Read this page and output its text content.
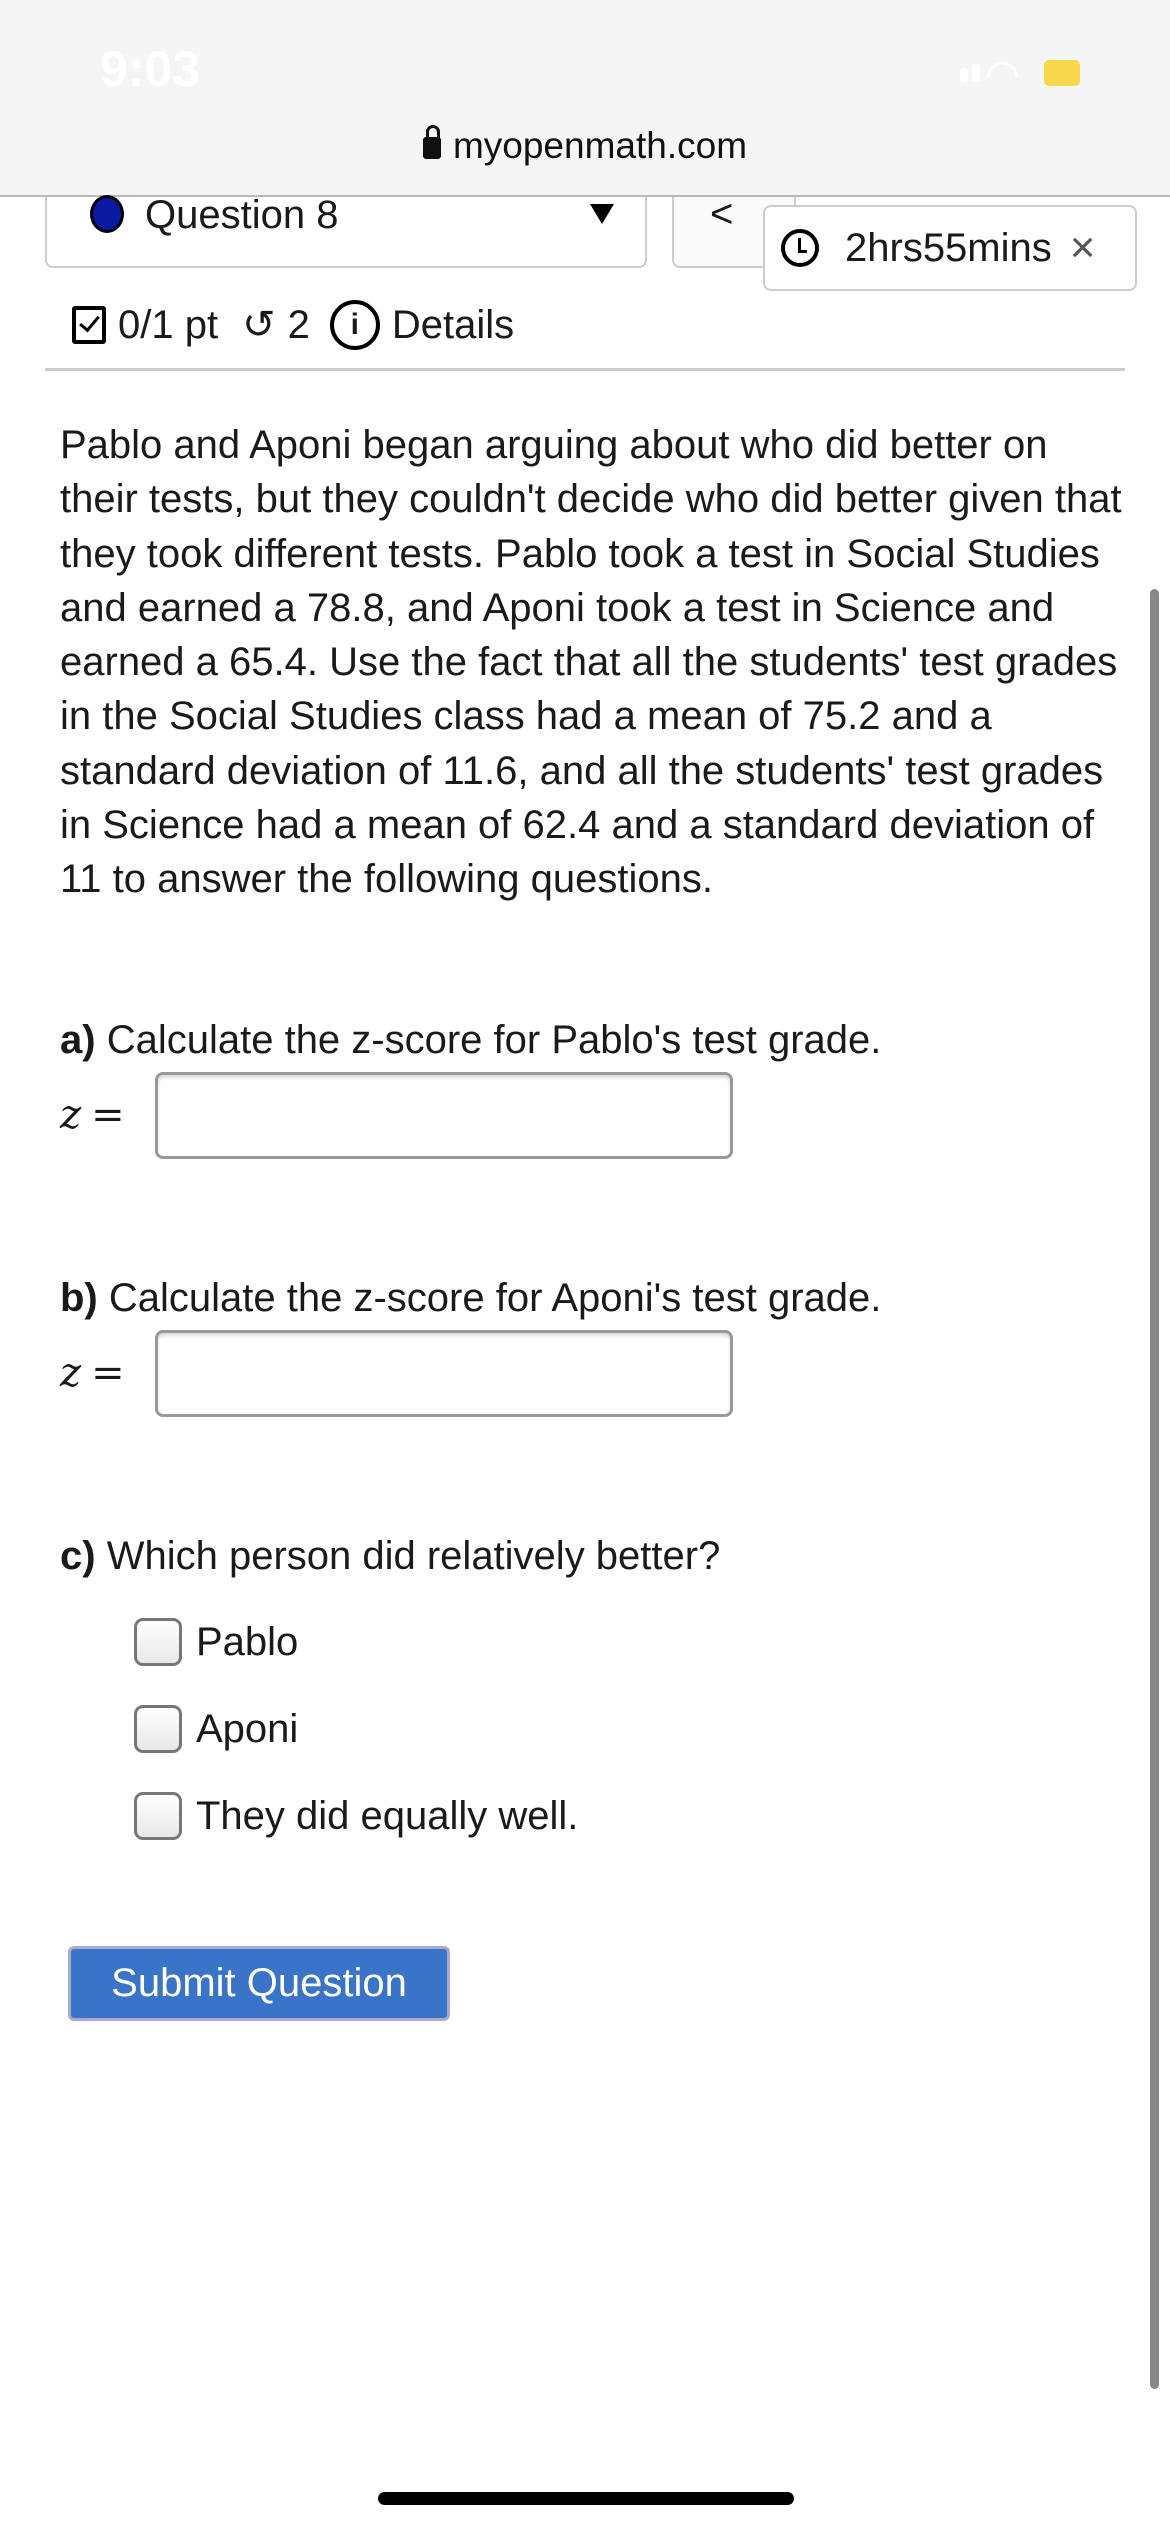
9:03	◠
myopenmath.com
Question 8	<
2hrs55mins ×
0/1 pt ↺ 2	i Details
Pablo and Aponi began arguing about who did better on their tests, but they couldn't decide who did better given that they took different tests. Pablo took a test in Social Studies and earned a 78.8, and Aponi took a test in Science and earned a 65.4. Use the fact that all the students' test grades in the Social Studies class had a mean of 75.2 and a standard deviation of 11.6, and all the students' test grades in Science had a mean of 62.4 and a standard deviation of 11 to answer the following questions.
a) Calculate the z-score for Pablo's test grade.
z =
b) Calculate the z-score for Aponi's test grade.
z =
c) Which person did relatively better?
Pablo
Aponi
They did equally well.
Submit Question
